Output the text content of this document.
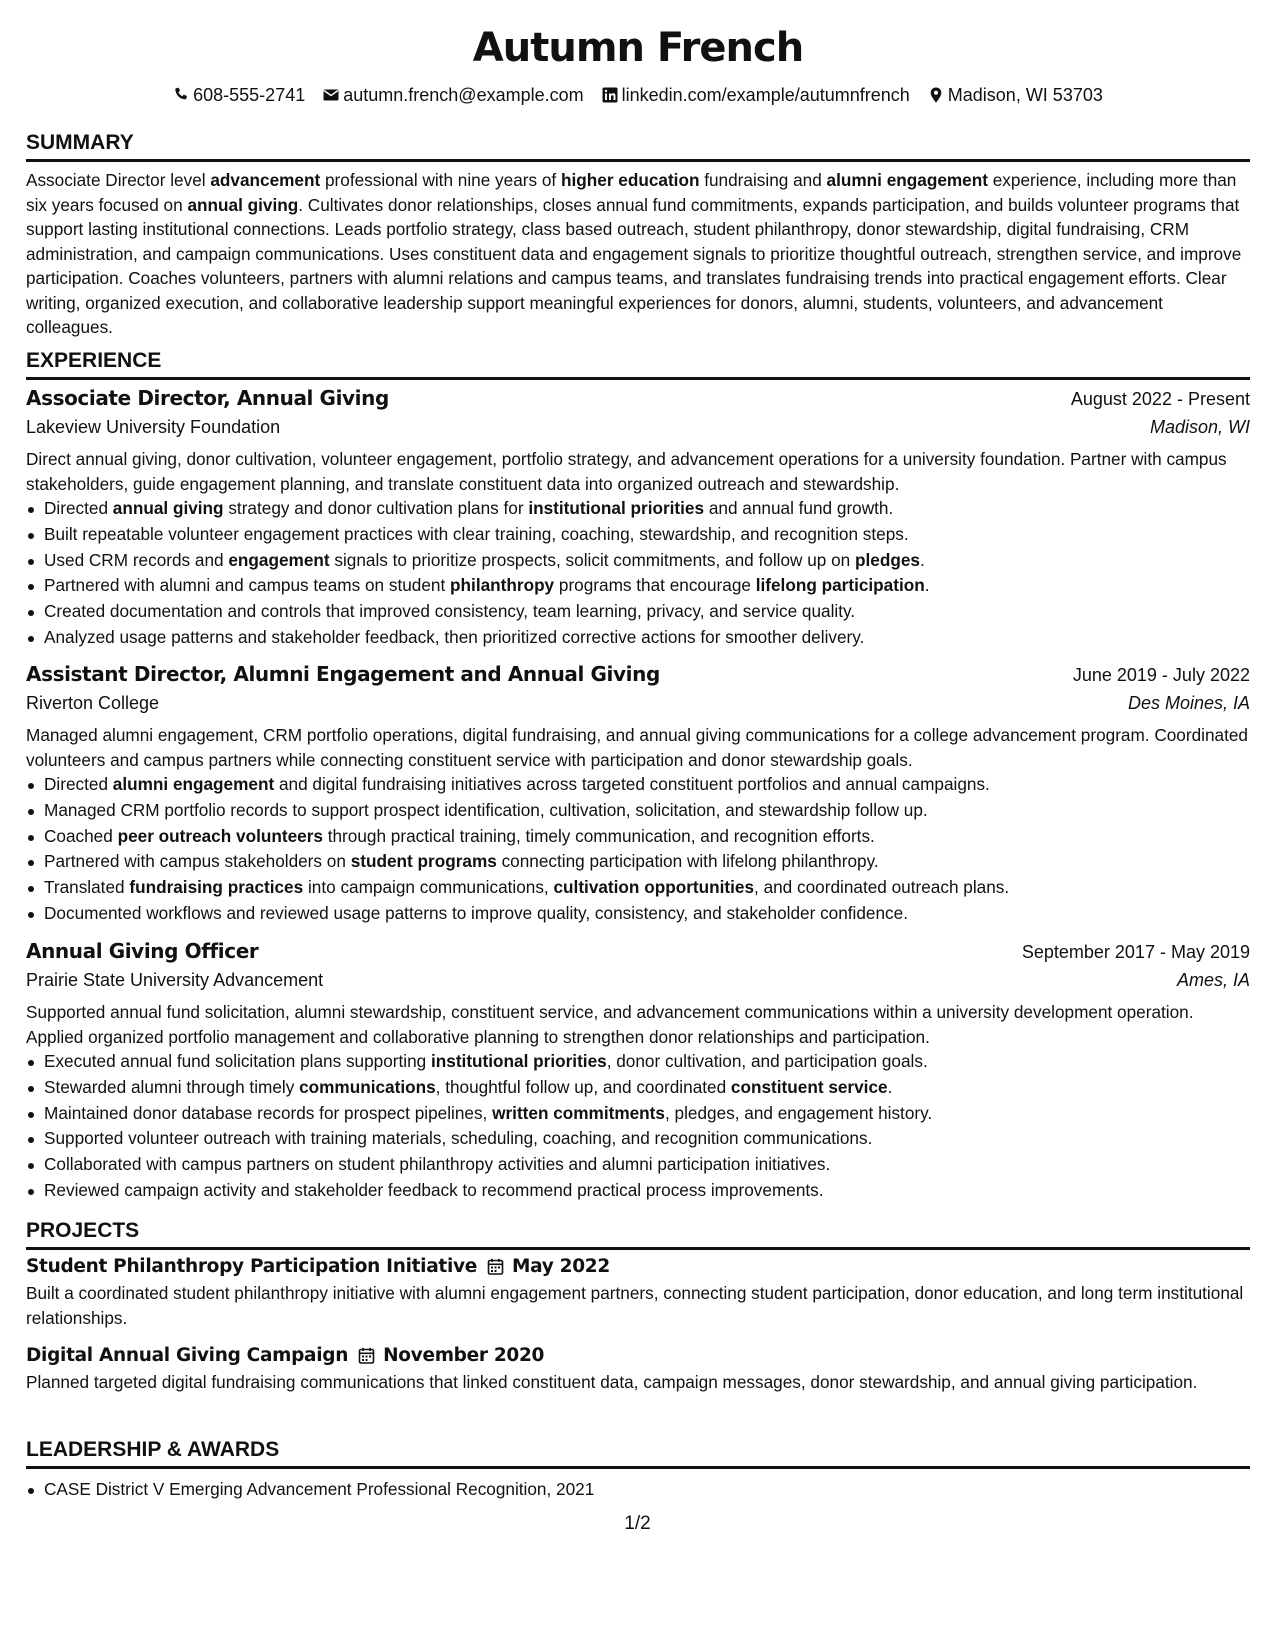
Autumn French
608-555-2741 autumn.french@example.com linkedin.com/example/autumnfrench Madison, WI 53703
SUMMARY

Associate Director level advancement professional with nine years of higher education fundraising and alumni engagement experience, including more than six years focused on annual giving. Cultivates donor relationships, closes annual fund commitments, expands participation, and builds volunteer programs that support lasting institutional connections. Leads portfolio strategy, class based outreach, student philanthropy, donor stewardship, digital fundraising, CRM administration, and campaign communications. Uses constituent data and engagement signals to prioritize thoughtful outreach, strengthen service, and improve participation. Coaches volunteers, partners with alumni relations and campus teams, and translates fundraising trends into practical engagement efforts. Clear writing, organized execution, and collaborative leadership support meaningful experiences for donors, alumni, students, volunteers, and advancement colleagues.

EXPERIENCE
Associate Director, Annual Giving	August 2022 - Present
Lakeview University Foundation	Madison, WI

Direct annual giving, donor cultivation, volunteer engagement, portfolio strategy, and advancement operations for a university foundation. Partner with campus stakeholders, guide engagement planning, and translate constituent data into organized outreach and stewardship.

Directed annual giving strategy and donor cultivation plans for institutional priorities and annual fund growth.
Built repeatable volunteer engagement practices with clear training, coaching, stewardship, and recognition steps.
Used CRM records and engagement signals to prioritize prospects, solicit commitments, and follow up on pledges.
Partnered with alumni and campus teams on student philanthropy programs that encourage lifelong participation.
Created documentation and controls that improved consistency, team learning, privacy, and service quality.
Analyzed usage patterns and stakeholder feedback, then prioritized corrective actions for smoother delivery.
Assistant Director, Alumni Engagement and Annual Giving	June 2019 - July 2022
Riverton College	Des Moines, IA

Managed alumni engagement, CRM portfolio operations, digital fundraising, and annual giving communications for a college advancement program. Coordinated volunteers and campus partners while connecting constituent service with participation and donor stewardship goals.

Directed alumni engagement and digital fundraising initiatives across targeted constituent portfolios and annual campaigns.
Managed CRM portfolio records to support prospect identification, cultivation, solicitation, and stewardship follow up.
Coached peer outreach volunteers through practical training, timely communication, and recognition efforts.
Partnered with campus stakeholders on student programs connecting participation with lifelong philanthropy.
Translated fundraising practices into campaign communications, cultivation opportunities, and coordinated outreach plans.
Documented workflows and reviewed usage patterns to improve quality, consistency, and stakeholder confidence.
Annual Giving Officer	September 2017 - May 2019
Prairie State University Advancement	Ames, IA

Supported annual fund solicitation, alumni stewardship, constituent service, and advancement communications within a university development operation. Applied organized portfolio management and collaborative planning to strengthen donor relationships and participation.

Executed annual fund solicitation plans supporting institutional priorities, donor cultivation, and participation goals.
Stewarded alumni through timely communications, thoughtful follow up, and coordinated constituent service.
Maintained donor database records for prospect pipelines, written commitments, pledges, and engagement history.
Supported volunteer outreach with training materials, scheduling, coaching, and recognition communications.
Collaborated with campus partners on student philanthropy activities and alumni participation initiatives.
Reviewed campaign activity and stakeholder feedback to recommend practical process improvements.
PROJECTS
Student Philanthropy Participation Initiative May 2022

Built a coordinated student philanthropy initiative with alumni engagement partners, connecting student participation, donor education, and long term institutional relationships.

Digital Annual Giving Campaign November 2020

Planned targeted digital fundraising communications that linked constituent data, campaign messages, donor stewardship, and annual giving participation.

LEADERSHIP & AWARDS
CASE District V Emerging Advancement Professional Recognition, 2021
1/2
